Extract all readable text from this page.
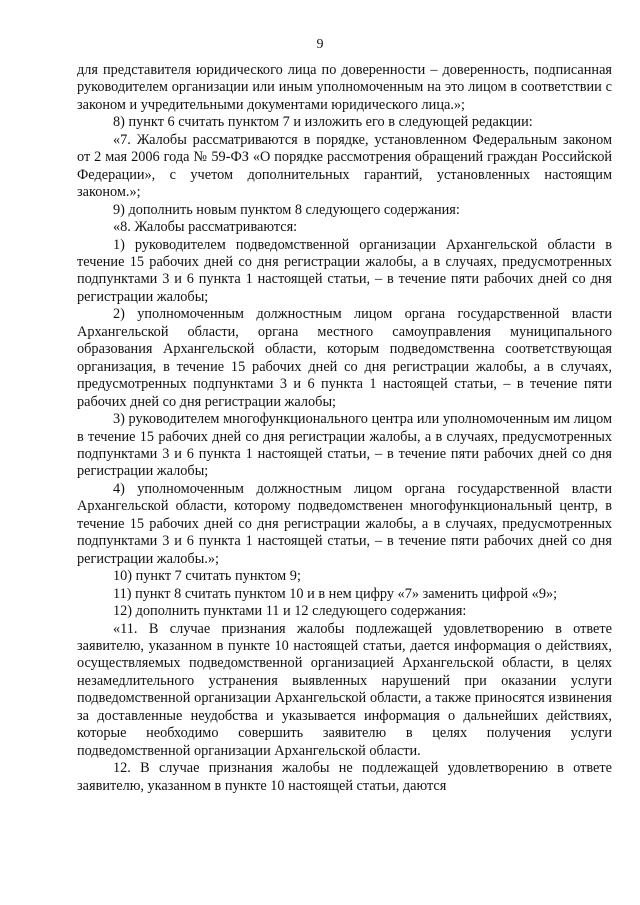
9

для представителя юридического лица по доверенности – доверенность, подписанная руководителем организации или иным уполномоченным на это лицом в соответствии с законом и учредительными документами юридического лица.»;

8) пункт 6 считать пунктом 7 и изложить его в следующей редакции:

«7. Жалобы рассматриваются в порядке, установленном Федеральным законом от 2 мая 2006 года № 59-ФЗ «О порядке рассмотрения обращений граждан Российской Федерации», с учетом дополнительных гарантий, установленных настоящим законом.»;

9) дополнить новым пунктом 8 следующего содержания:

«8. Жалобы рассматриваются:

1) руководителем подведомственной организации Архангельской области в течение 15 рабочих дней со дня регистрации жалобы, а в случаях, предусмотренных подпунктами 3 и 6 пункта 1 настоящей статьи, – в течение пяти рабочих дней со дня регистрации жалобы;

2) уполномоченным должностным лицом органа государственной власти Архангельской области, органа местного самоуправления муниципального образования Архангельской области, которым подведомственна соответствующая организация, в течение 15 рабочих дней со дня регистрации жалобы, а в случаях, предусмотренных подпунктами 3 и 6 пункта 1 настоящей статьи, – в течение пяти рабочих дней со дня регистрации жалобы;

3) руководителем многофункционального центра или уполномоченным им лицом в течение 15 рабочих дней со дня регистрации жалобы, а в случаях, предусмотренных подпунктами 3 и 6 пункта 1 настоящей статьи, – в течение пяти рабочих дней со дня регистрации жалобы;

4) уполномоченным должностным лицом органа государственной власти Архангельской области, которому подведомственен многофункциональный центр, в течение 15 рабочих дней со дня регистрации жалобы, а в случаях, предусмотренных подпунктами 3 и 6 пункта 1 настоящей статьи, – в течение пяти рабочих дней со дня регистрации жалобы.»;

10) пункт 7 считать пунктом 9;

11) пункт 8 считать пунктом 10 и в нем цифру «7» заменить цифрой «9»;

12) дополнить пунктами 11 и 12 следующего содержания:

«11. В случае признания жалобы подлежащей удовлетворению в ответе заявителю, указанном в пункте 10 настоящей статьи, дается информация о действиях, осуществляемых подведомственной организацией Архангельской области, в целях незамедлительного устранения выявленных нарушений при оказании услуги подведомственной организации Архангельской области, а также приносятся извинения за доставленные неудобства и указывается информация о дальнейших действиях, которые необходимо совершить заявителю в целях получения услуги подведомственной организации Архангельской области.

12. В случае признания жалобы не подлежащей удовлетворению в ответе заявителю, указанном в пункте 10 настоящей статьи, даются
